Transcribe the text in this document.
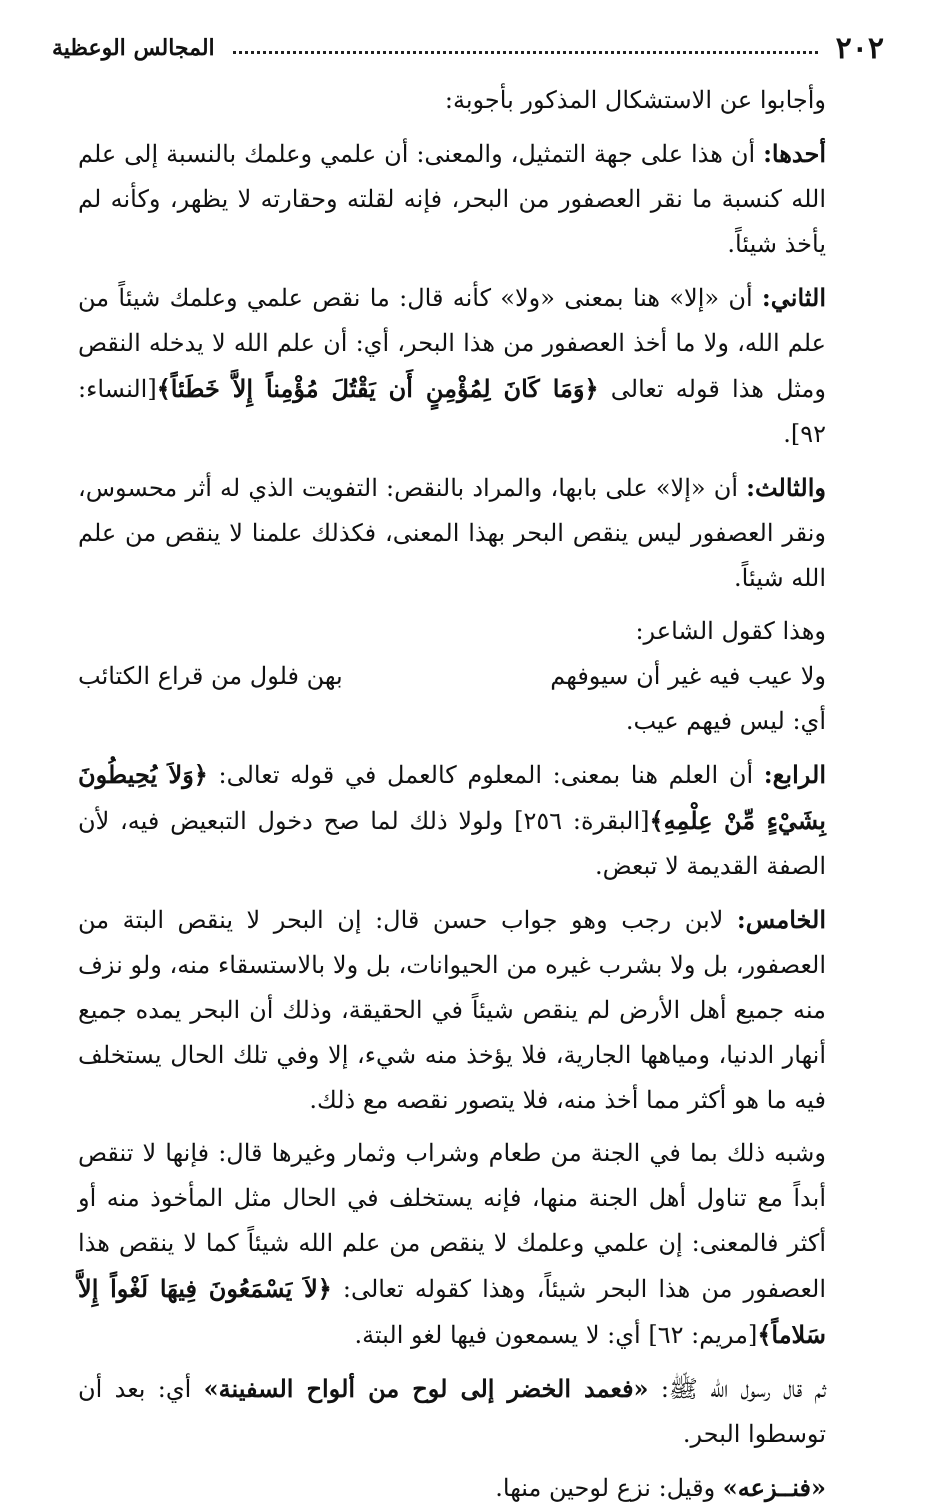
٢٠٢
المجالس الوعظية

وأجابوا عن الاستشكال المذكور بأجوبة:

أحدها: أن هذا على جهة التمثيل، والمعنى: أن علمي وعلمك بالنسبة إلى علم الله كنسبة ما نقر العصفور من البحر، فإنه لقلته وحقارته لا يظهر، وكأنه لم يأخذ شيئاً.

الثاني: أن «إلا» هنا بمعنى «ولا» كأنه قال: ما نقص علمي وعلمك شيئاً من علم الله، ولا ما أخذ العصفور من هذا البحر، أي: أن علم الله لا يدخله النقص ومثل هذا قوله تعالى ﴿وَمَا كَانَ لِمُؤْمِنٍ أَن يَقْتُلَ مُؤْمِناً إِلاَّ خَطَئاً﴾[النساء: ٩٢].

والثالث: أن «إلا» على بابها، والمراد بالنقص: التفويت الذي له أثر محسوس، ونقر العصفور ليس ينقص البحر بهذا المعنى، فكذلك علمنا لا ينقص من علم الله شيئاً.

وهذا كقول الشاعر:

ولا عيب فيه غير أن سيوفهم
بهن فلول من قراع الكتائب

أي: ليس فيهم عيب.

الرابع: أن العلم هنا بمعنى: المعلوم كالعمل في قوله تعالى: ﴿وَلاَ يُحِيطُونَ بِشَيْءٍ مِّنْ عِلْمِهِ﴾[البقرة: ٢٥٦] ولولا ذلك لما صح دخول التبعيض فيه، لأن الصفة القديمة لا تبعض.

الخامس: لابن رجب وهو جواب حسن قال: إن البحر لا ينقص البتة من العصفور، بل ولا بشرب غيره من الحيوانات، بل ولا بالاستسقاء منه، ولو نزف منه جميع أهل الأرض لم ينقص شيئاً في الحقيقة، وذلك أن البحر يمده جميع أنهار الدنيا، ومياهها الجارية، فلا يؤخذ منه شيء، إلا وفي تلك الحال يستخلف فيه ما هو أكثر مما أخذ منه، فلا يتصور نقصه مع ذلك.

وشبه ذلك بما في الجنة من طعام وشراب وثمار وغيرها قال: فإنها لا تنقص أبداً مع تناول أهل الجنة منها، فإنه يستخلف في الحال مثل المأخوذ منه أو أكثر فالمعنى: إن علمي وعلمك لا ينقص من علم الله شيئاً كما لا ينقص هذا العصفور من هذا البحر شيئاً، وهذا كقوله تعالى: ﴿لاَ يَسْمَعُونَ فِيهَا لَغْواً إِلاَّ سَلاماً﴾[مريم: ٦٢] أي: لا يسمعون فيها لغو البتة.

ثم قال رسول الله ﷺ: «فعمد الخضر إلى لوح من ألواح السفينة» أي: بعد أن توسطوا البحر.

«فنــزعه» وقيل: نزع لوحين منها.
